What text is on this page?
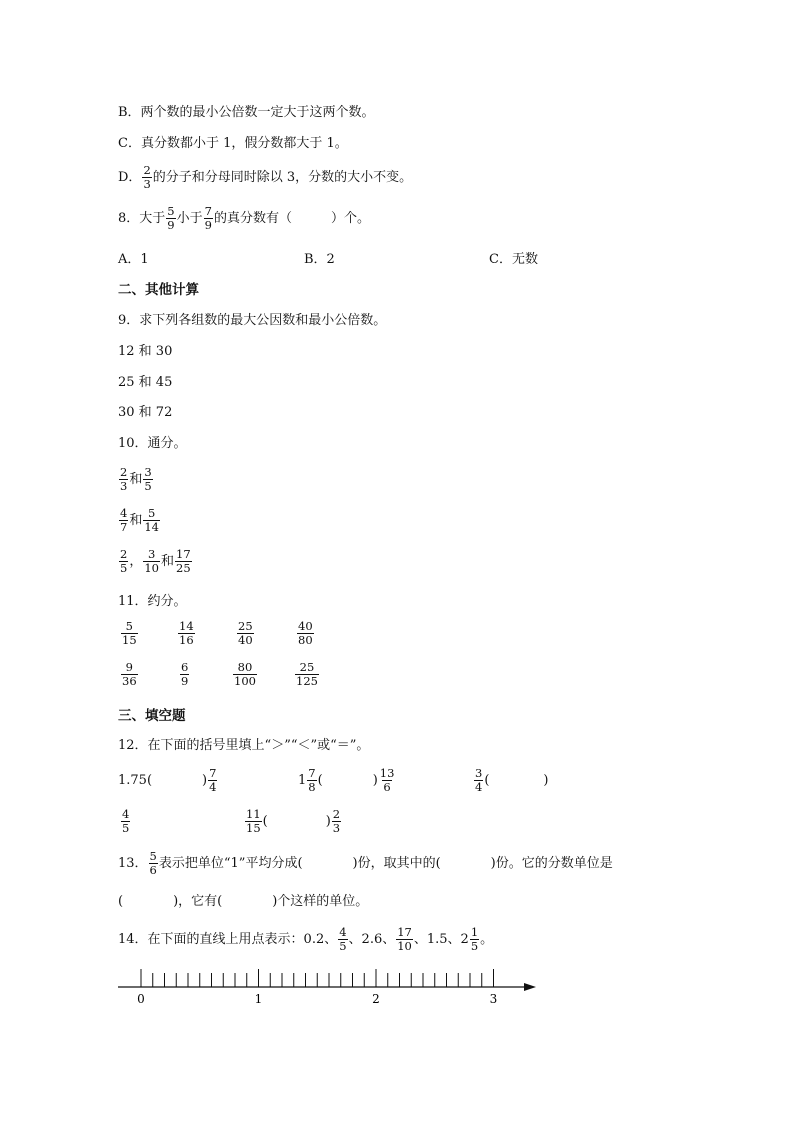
B．两个数的最小公倍数一定大于这两个数。
C．真分数都小于 1，假分数都大于 1。
D． $\frac{2}{3}$ 的分子和分母同时除以 3，分数的大小不变。
8．大于 $\frac{5}{9}$ 小于 $\frac{7}{9}$ 的真分数有（　　　）个。
A．1	B．2	C．无数
二、其他计算
9．求下列各组数的最大公因数和最小公倍数。
12 和 30
25 和 45
30 和 72
10．通分。
$\frac{2}{3}$ 和 $\frac{3}{5}$
$\frac{4}{7}$ 和 $\frac{5}{14}$
$\frac{2}{5}$ ， $\frac{3}{10}$ 和 $\frac{17}{25}$
11．约分。
$\frac{5}{15}$	$\frac{14}{16}$	$\frac{25}{40}$	$\frac{40}{80}$
$\frac{9}{36}$	$\frac{6}{9}$	$\frac{80}{100}$	$\frac{25}{125}$
三、填空题
12．在下面的括号里填上“＞”“＜”或“＝”。
1.75(	) $\frac{7}{4}$	$1 \frac{7}{8}$ (	) $\frac{13}{6}$	$\frac{3}{4}$ (	)
$\frac{4}{5}$	$\frac{11}{15}$ (	) $\frac{2}{3}$
13． $\frac{5}{6}$ 表示把单位“1”平均分成(	)份，取其中的(	)份。它的分数单位是
(	)，它有(	)个这样的单位。
14．在下面的直线上用点表示：0.2、 $\frac{4}{5}$ 、2.6、 $\frac{17}{10}$ 、1.5、$2 \frac{1}{5}$ 。
0	1	2	3
